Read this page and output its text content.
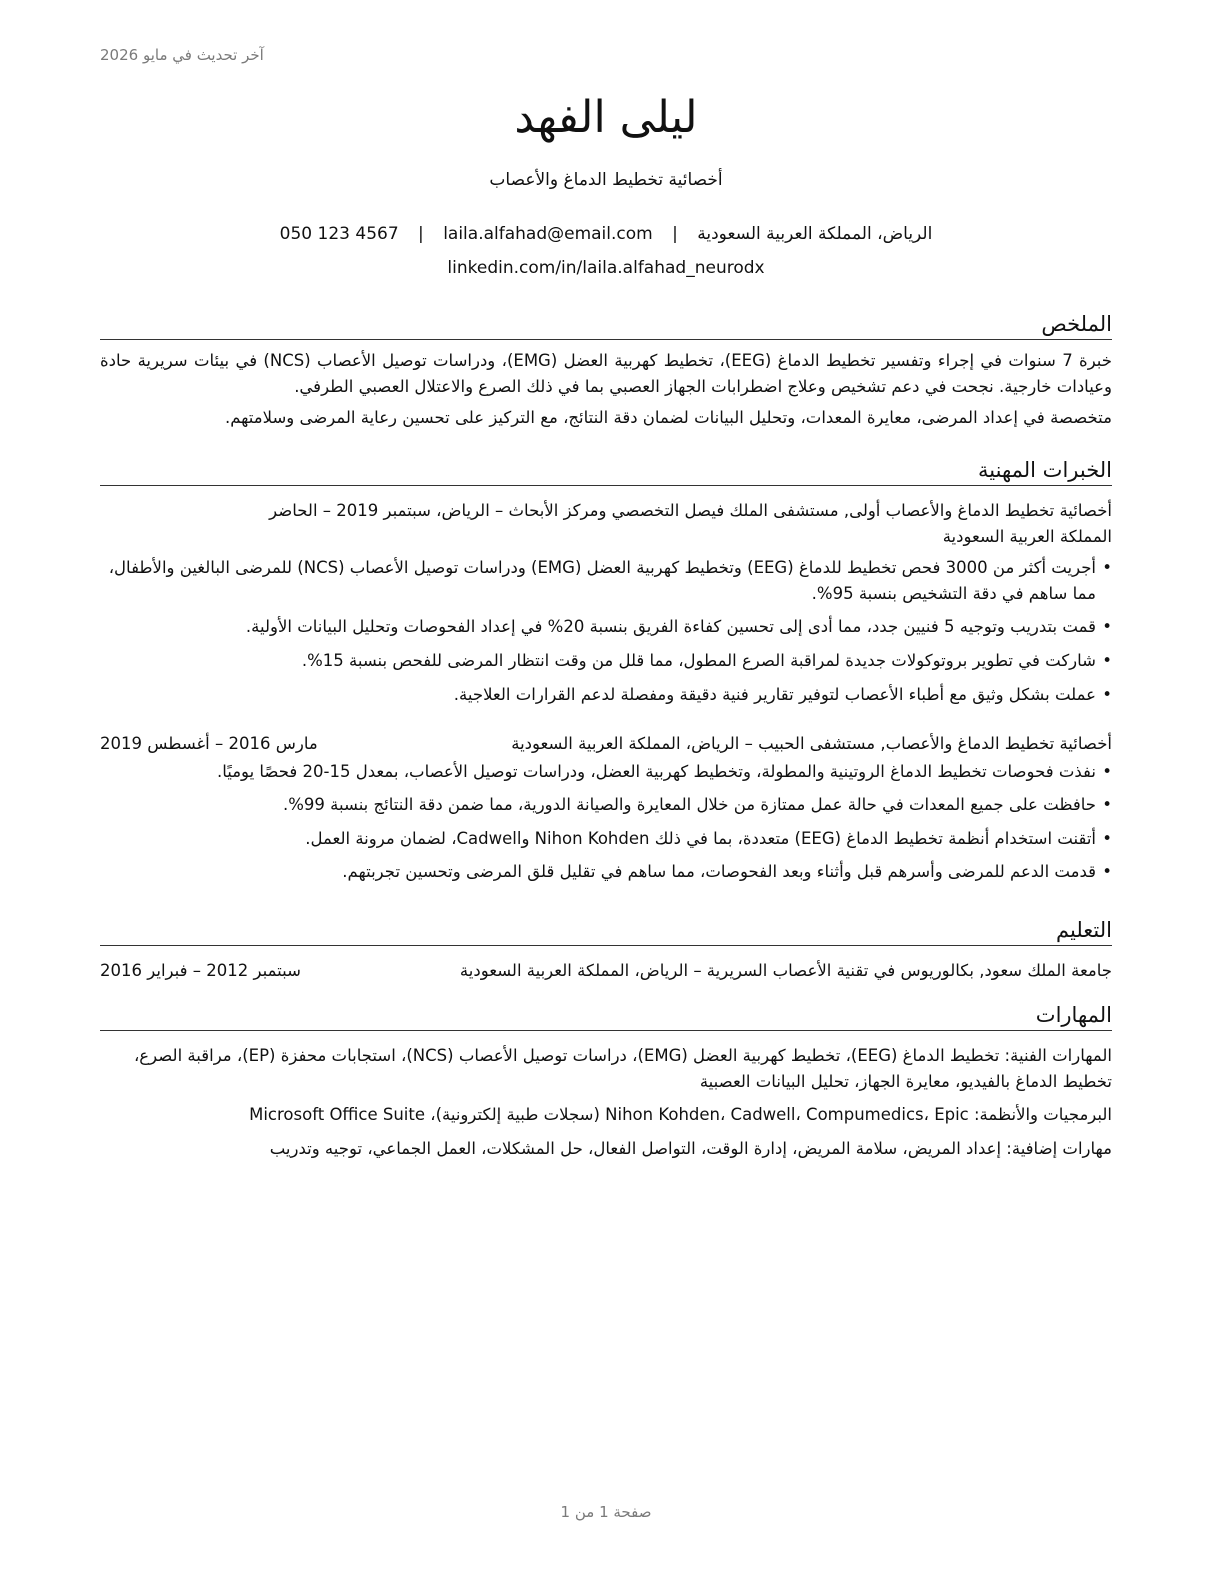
آخر تحديث في مايو 2026
ليلى الفهد
أخصائية تخطيط الدماغ والأعصاب
الرياض، المملكة العربية السعودية | laila.alfahad@email.com | 050 123 4567
linkedin.com/in/laila.alfahad_neurodx
الملخص

خبرة 7 سنوات في إجراء وتفسير تخطيط الدماغ (EEG)، تخطيط كهربية العضل (EMG)، ودراسات توصيل الأعصاب (NCS) في بيئات سريرية حادة وعيادات خارجية. نجحت في دعم تشخيص وعلاج اضطرابات الجهاز العصبي بما في ذلك الصرع والاعتلال العصبي الطرفي.

متخصصة في إعداد المرضى، معايرة المعدات، وتحليل البيانات لضمان دقة النتائج، مع التركيز على تحسين رعاية المرضى وسلامتهم.

الخبرات المهنية
أخصائية تخطيط الدماغ والأعصاب أولى, مستشفى الملك فيصل التخصصي ومركز الأبحاث – الرياض، سبتمبر 2019 – الحاضر
المملكة العربية السعودية
• أجريت أكثر من 3000 فحص تخطيط للدماغ (EEG) وتخطيط كهربية العضل (EMG) ودراسات توصيل الأعصاب (NCS) للمرضى البالغين والأطفال، مما ساهم في دقة التشخيص بنسبة 95%.
• قمت بتدريب وتوجيه 5 فنيين جدد، مما أدى إلى تحسين كفاءة الفريق بنسبة 20% في إعداد الفحوصات وتحليل البيانات الأولية.
• شاركت في تطوير بروتوكولات جديدة لمراقبة الصرع المطول، مما قلل من وقت انتظار المرضى للفحص بنسبة 15%.
• عملت بشكل وثيق مع أطباء الأعصاب لتوفير تقارير فنية دقيقة ومفصلة لدعم القرارات العلاجية.
أخصائية تخطيط الدماغ والأعصاب, مستشفى الحبيب – الرياض، المملكة العربية السعودية
مارس 2016 – أغسطس 2019
• نفذت فحوصات تخطيط الدماغ الروتينية والمطولة، وتخطيط كهربية العضل، ودراسات توصيل الأعصاب، بمعدل 15-20 فحصًا يوميًا.
• حافظت على جميع المعدات في حالة عمل ممتازة من خلال المعايرة والصيانة الدورية، مما ضمن دقة النتائج بنسبة 99%.
• أتقنت استخدام أنظمة تخطيط الدماغ (EEG) متعددة، بما في ذلك Nihon Kohden وCadwell، لضمان مرونة العمل.
• قدمت الدعم للمرضى وأسرهم قبل وأثناء وبعد الفحوصات، مما ساهم في تقليل قلق المرضى وتحسين تجربتهم.
التعليم
جامعة الملك سعود, بكالوريوس في تقنية الأعصاب السريرية – الرياض، المملكة العربية السعودية
سبتمبر 2012 – فبراير 2016
المهارات
المهارات الفنية: تخطيط الدماغ (EEG)، تخطيط كهربية العضل (EMG)، دراسات توصيل الأعصاب (NCS)، استجابات محفزة (EP)، مراقبة الصرع، تخطيط الدماغ بالفيديو، معايرة الجهاز، تحليل البيانات العصبية
البرمجيات والأنظمة: Nihon Kohden، Cadwell، Compumedics، Epic (سجلات طبية إلكترونية)، Microsoft Office Suite
مهارات إضافية: إعداد المريض، سلامة المريض، إدارة الوقت، التواصل الفعال، حل المشكلات، العمل الجماعي، توجيه وتدريب
صفحة 1 من 1
